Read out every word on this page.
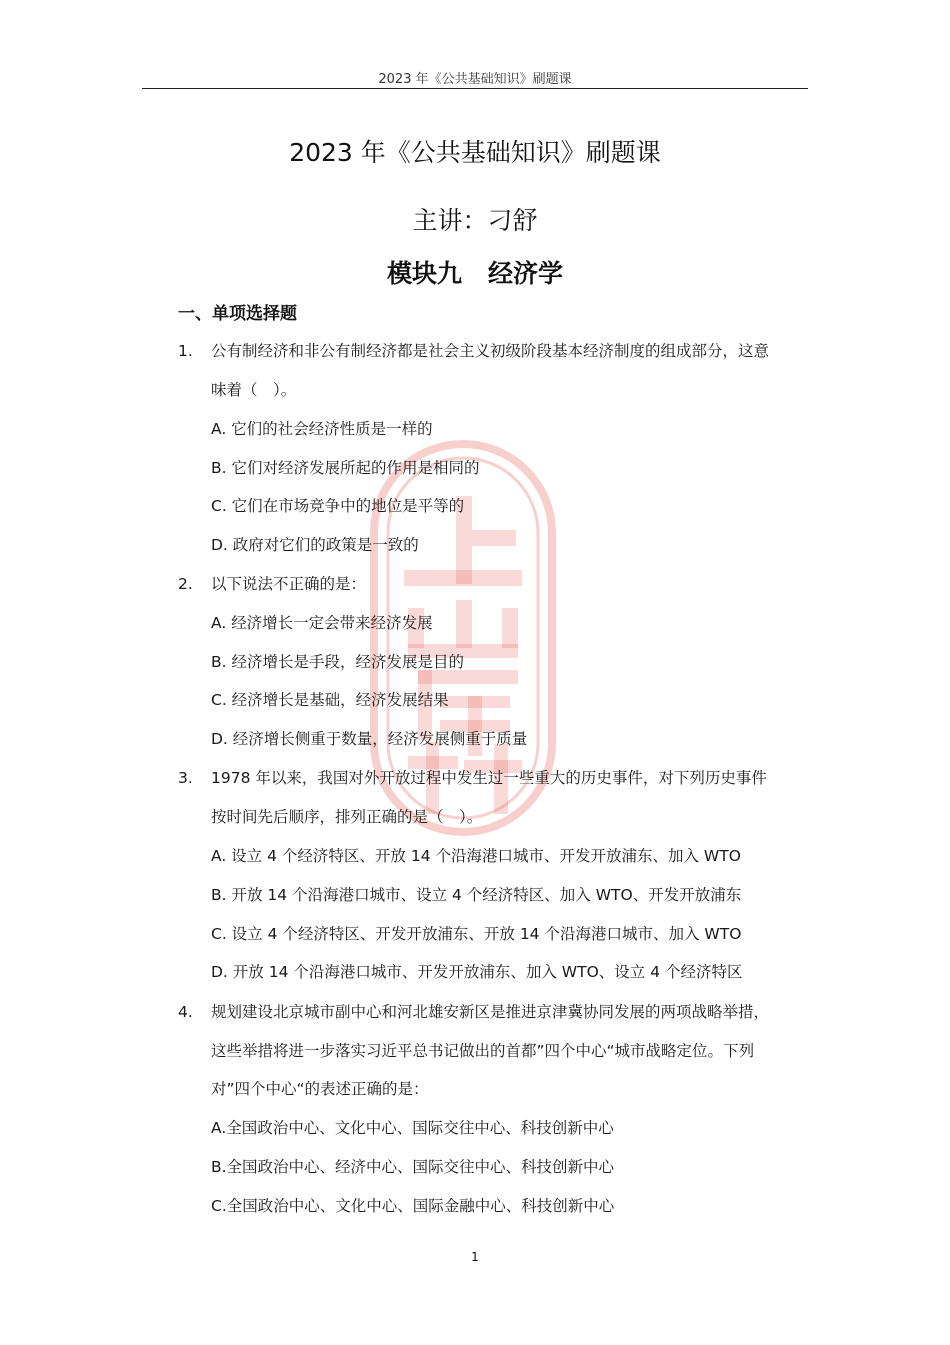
2023 年《公共基础知识》刷题课
2023 年《公共基础知识》刷题课
主讲：刁舒
模块九 经济学
一、单项选择题
1. 公有制经济和非公有制经济都是社会主义初级阶段基本经济制度的组成部分，这意
味着（　）。
A. 它们的社会经济性质是一样的
B. 它们对经济发展所起的作用是相同的
C. 它们在市场竞争中的地位是平等的
D. 政府对它们的政策是一致的
2. 以下说法不正确的是：
A. 经济增长一定会带来经济发展
B. 经济增长是手段，经济发展是目的
C. 经济增长是基础，经济发展结果
D. 经济增长侧重于数量，经济发展侧重于质量
3. 1978 年以来，我国对外开放过程中发生过一些重大的历史事件，对下列历史事件
按时间先后顺序，排列正确的是（　）。
A. 设立 4 个经济特区、开放 14 个沿海港口城市、开发开放浦东、加入 WTO
B. 开放 14 个沿海港口城市、设立 4 个经济特区、加入 WTO、开发开放浦东
C. 设立 4 个经济特区、开发开放浦东、开放 14 个沿海港口城市、加入 WTO
D. 开放 14 个沿海港口城市、开发开放浦东、加入 WTO、设立 4 个经济特区
4. 规划建设北京城市副中心和河北雄安新区是推进京津冀协同发展的两项战略举措，
这些举措将进一步落实习近平总书记做出的首都”四个中心“城市战略定位。下列
对”四个中心“的表述正确的是：
A.全国政治中心、文化中心、国际交往中心、科技创新中心
B.全国政治中心、经济中心、国际交往中心、科技创新中心
C.全国政治中心、文化中心、国际金融中心、科技创新中心
1
